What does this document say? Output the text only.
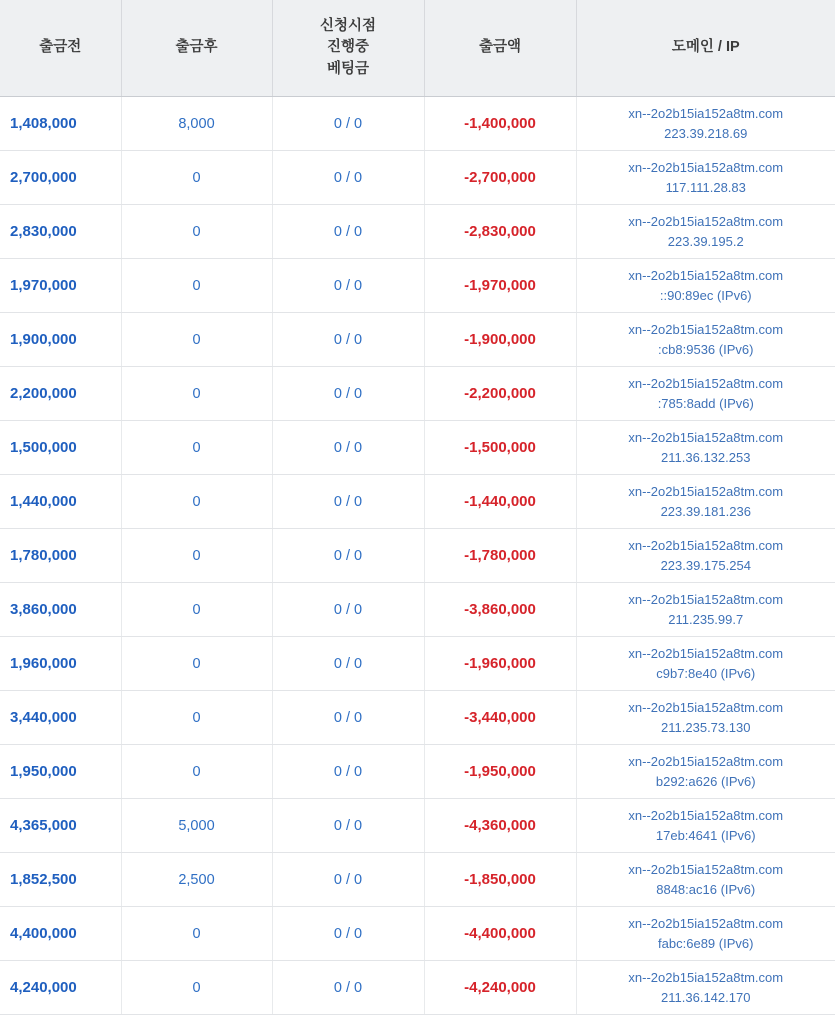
출금전	출금후	신청시점
진행중
베팅금	출금액	도메인 / IP

1,408,000	8,000	0 / 0	-1,400,000	xn--2o2b15ia152a8tm.com
223.39.218.69

2,700,000	0	0 / 0	-2,700,000	xn--2o2b15ia152a8tm.com
117.111.28.83

2,830,000	0	0 / 0	-2,830,000	xn--2o2b15ia152a8tm.com
223.39.195.2

1,970,000	0	0 / 0	-1,970,000	xn--2o2b15ia152a8tm.com
::90:89ec (IPv6)

1,900,000	0	0 / 0	-1,900,000	xn--2o2b15ia152a8tm.com
:cb8:9536 (IPv6)

2,200,000	0	0 / 0	-2,200,000	xn--2o2b15ia152a8tm.com
:785:8add (IPv6)

1,500,000	0	0 / 0	-1,500,000	xn--2o2b15ia152a8tm.com
211.36.132.253

1,440,000	0	0 / 0	-1,440,000	xn--2o2b15ia152a8tm.com
223.39.181.236

1,780,000	0	0 / 0	-1,780,000	xn--2o2b15ia152a8tm.com
223.39.175.254

3,860,000	0	0 / 0	-3,860,000	xn--2o2b15ia152a8tm.com
211.235.99.7

1,960,000	0	0 / 0	-1,960,000	xn--2o2b15ia152a8tm.com
c9b7:8e40 (IPv6)

3,440,000	0	0 / 0	-3,440,000	xn--2o2b15ia152a8tm.com
211.235.73.130

1,950,000	0	0 / 0	-1,950,000	xn--2o2b15ia152a8tm.com
b292:a626 (IPv6)

4,365,000	5,000	0 / 0	-4,360,000	xn--2o2b15ia152a8tm.com
17eb:4641 (IPv6)

1,852,500	2,500	0 / 0	-1,850,000	xn--2o2b15ia152a8tm.com
8848:ac16 (IPv6)

4,400,000	0	0 / 0	-4,400,000	xn--2o2b15ia152a8tm.com
fabc:6e89 (IPv6)

4,240,000	0	0 / 0	-4,240,000	xn--2o2b15ia152a8tm.com
211.36.142.170
